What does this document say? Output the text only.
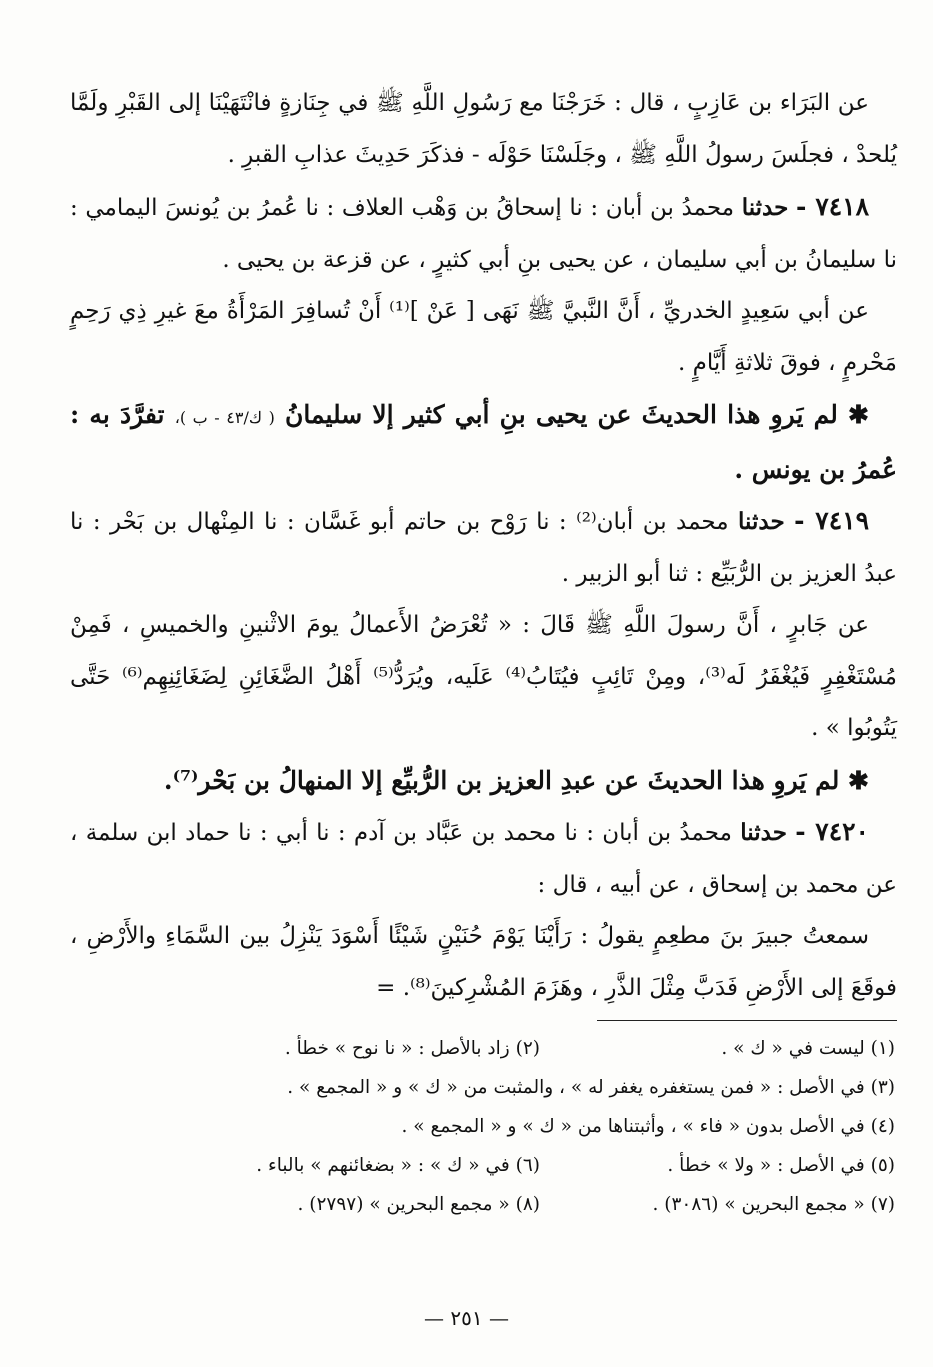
عن البَرَاء بن عَازِبٍ ، قال : خَرَجْنَا مع رَسُولِ اللَّهِ ﷺ في جِنَازةٍ فانْتَهَيْنَا إلى القَبْرِ ولَمَّا يُلحدْ ، فجلَسَ رسولُ اللَّهِ ﷺ ، وجَلَسْنَا حَوْلَه - فذكَرَ حَدِيثَ عذابِ القبرِ .

٧٤١٨ - حدثنا محمدُ بن أبان : نا إسحاقُ بن وَهْب العلاف : نا عُمرُ بن يُونسَ اليمامي : نا سليمانُ بن أبي سليمان ، عن يحيى بنِ أبي كثيرٍ ، عن قزعة بن يحيى .

عن أبي سَعِيدٍ الخدريِّ ، أَنَّ النَّبيَّ ﷺ نَهَى [ عَنْ ]⁽¹⁾ أَنْ تُسافِرَ المَرْأَةُ معَ غيرِ ذِي رَحِمٍ مَحْرمٍ ، فوقَ ثلاثةِ أَيَّامٍ .

✱ لم يَروِ هذا الحديثَ عن يحيى بنِ أبي كثير إلا سليمانُ ( ك/٤٣ - ب )، تفرَّدَ به : عُمرُ بن يونس .

٧٤١٩ - حدثنا محمد بن أبان⁽²⁾ : نا رَوْح بن حاتم أبو غَسَّان : نا المِنْهال بن بَحْر : نا عبدُ العزيز بن الرُّبَيِّع : ثنا أبو الزبير .

عن جَابرٍ ، أَنَّ رسولَ اللَّهِ ﷺ قَالَ : « تُعْرَضُ الأَعمالُ يومَ الاثْنينِ والخميسِ ، فَمِنْ مُسْتَغْفِرٍ فَيُغْفَرُ لَه⁽³⁾، ومِنْ تَائِبٍ فيُتَابُ⁽⁴⁾ عَلَيه، ويُرَدُّ⁽⁵⁾ أَهْلُ الضَّغَائِنِ لِضَغَائِنِهِم⁽⁶⁾ حَتَّى يَتُوبُوا » .

✱ لم يَروِ هذا الحديثَ عن عبدِ العزيز بن الرُّبيِّع إلا المنهالُ بن بَحْر⁽⁷⁾.

٧٤٢٠ - حدثنا محمدُ بن أبان : نا محمد بن عَبَّاد بن آدم : نا أبي : نا حماد ابن سلمة ، عن محمد بن إسحاق ، عن أبيه ، قال :

سمعتُ جبيرَ بنَ مطعِمٍ يقولُ : رَأَيْنَا يَوْمَ حُنَيْنٍ شَيْئًا أَسْوَدَ يَنْزِلُ بين السَّمَاءِ والأَرْضِ ، فوقَعَ إلى الأَرْضِ فَدَبَّ مِثْلَ الذَّرِ ، وهَزَمَ المُشْرِكينَ⁽⁸⁾. =

(١) ليست في « ك » .
(٢) زاد بالأصل : « نا نوح » خطأ .
(٣) في الأصل : « فمن يستغفره يغفر له » ، والمثبت من « ك » و « المجمع » .
(٤) في الأصل بدون « فاء » ، وأثبتناها من « ك » و « المجمع » .
(٥) في الأصل : « ولا » خطأ .
(٦) في « ك » : « بضغائنهم » بالباء .
(٧) « مجمع البحرين » (٣٠٨٦) .
(٨) « مجمع البحرين » (٢٧٩٧) .
— ٢٥١ —
